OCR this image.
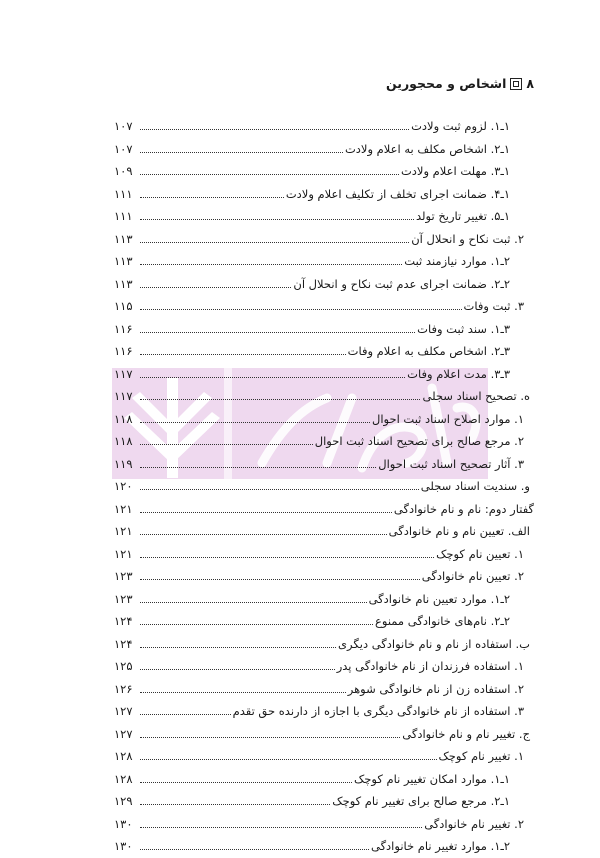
۸
اشخاص و محجورین
۱ـ۱. لزوم ثبت ولادت
۱۰۷
۱ـ۲. اشخاص مکلف به اعلام ولادت
۱۰۷
۱ـ۳. مهلت اعلام ولادت
۱۰۹
۱ـ۴. ضمانت اجرای تخلف از تکلیف اعلام ولادت
۱۱۱
۱ـ۵. تغییر تاریخ تولد
۱۱۱
۲. ثبت نکاح و انحلال آن
۱۱۳
۲ـ۱. موارد نیازمند ثبت
۱۱۳
۲ـ۲. ضمانت اجرای عدم ثبت نکاح و انحلال آن
۱۱۳
۳. ثبت وفات
۱۱۵
۳ـ۱. سند ثبت وفات
۱۱۶
۳ـ۲. اشخاص مکلف به اعلام وفات
۱۱۶
۳ـ۳. مدت اعلام وفات
۱۱۷
ه. تصحیح اسناد سجلی
۱۱۷
۱. موارد اصلاح اسناد ثبت احوال
۱۱۸
۲. مرجع صالح برای تصحیح اسناد ثبت احوال
۱۱۸
۳. آثار تصحیح اسناد ثبت احوال
۱۱۹
و. سندیت اسناد سجلی
۱۲۰
گفتار دوم: نام و نام خانوادگی
۱۲۱
الف. تعیین نام و نام خانوادگی
۱۲۱
۱. تعیین نام کوچک
۱۲۱
۲. تعیین نام خانوادگی
۱۲۳
۲ـ۱. موارد تعیین نام خانوادگی
۱۲۳
۲ـ۲. نام‌های خانوادگی ممنوع
۱۲۴
ب. استفاده از نام و نام خانوادگی دیگری
۱۲۴
۱. استفاده فرزندان از نام خانوادگی پدر
۱۲۵
۲. استفاده زن از نام خانوادگی شوهر
۱۲۶
۳. استفاده از نام خانوادگی دیگری با اجازه از دارنده حق تقدم
۱۲۷
ج. تغییر نام و نام خانوادگی
۱۲۷
۱. تغییر نام کوچک
۱۲۸
۱ـ۱. موارد امکان تغییر نام کوچک
۱۲۸
۱ـ۲. مرجع صالح برای تغییر نام کوچک
۱۲۹
۲. تغییر نام خانوادگی
۱۳۰
۲ـ۱. موارد تغییر نام خانوادگی
۱۳۰
